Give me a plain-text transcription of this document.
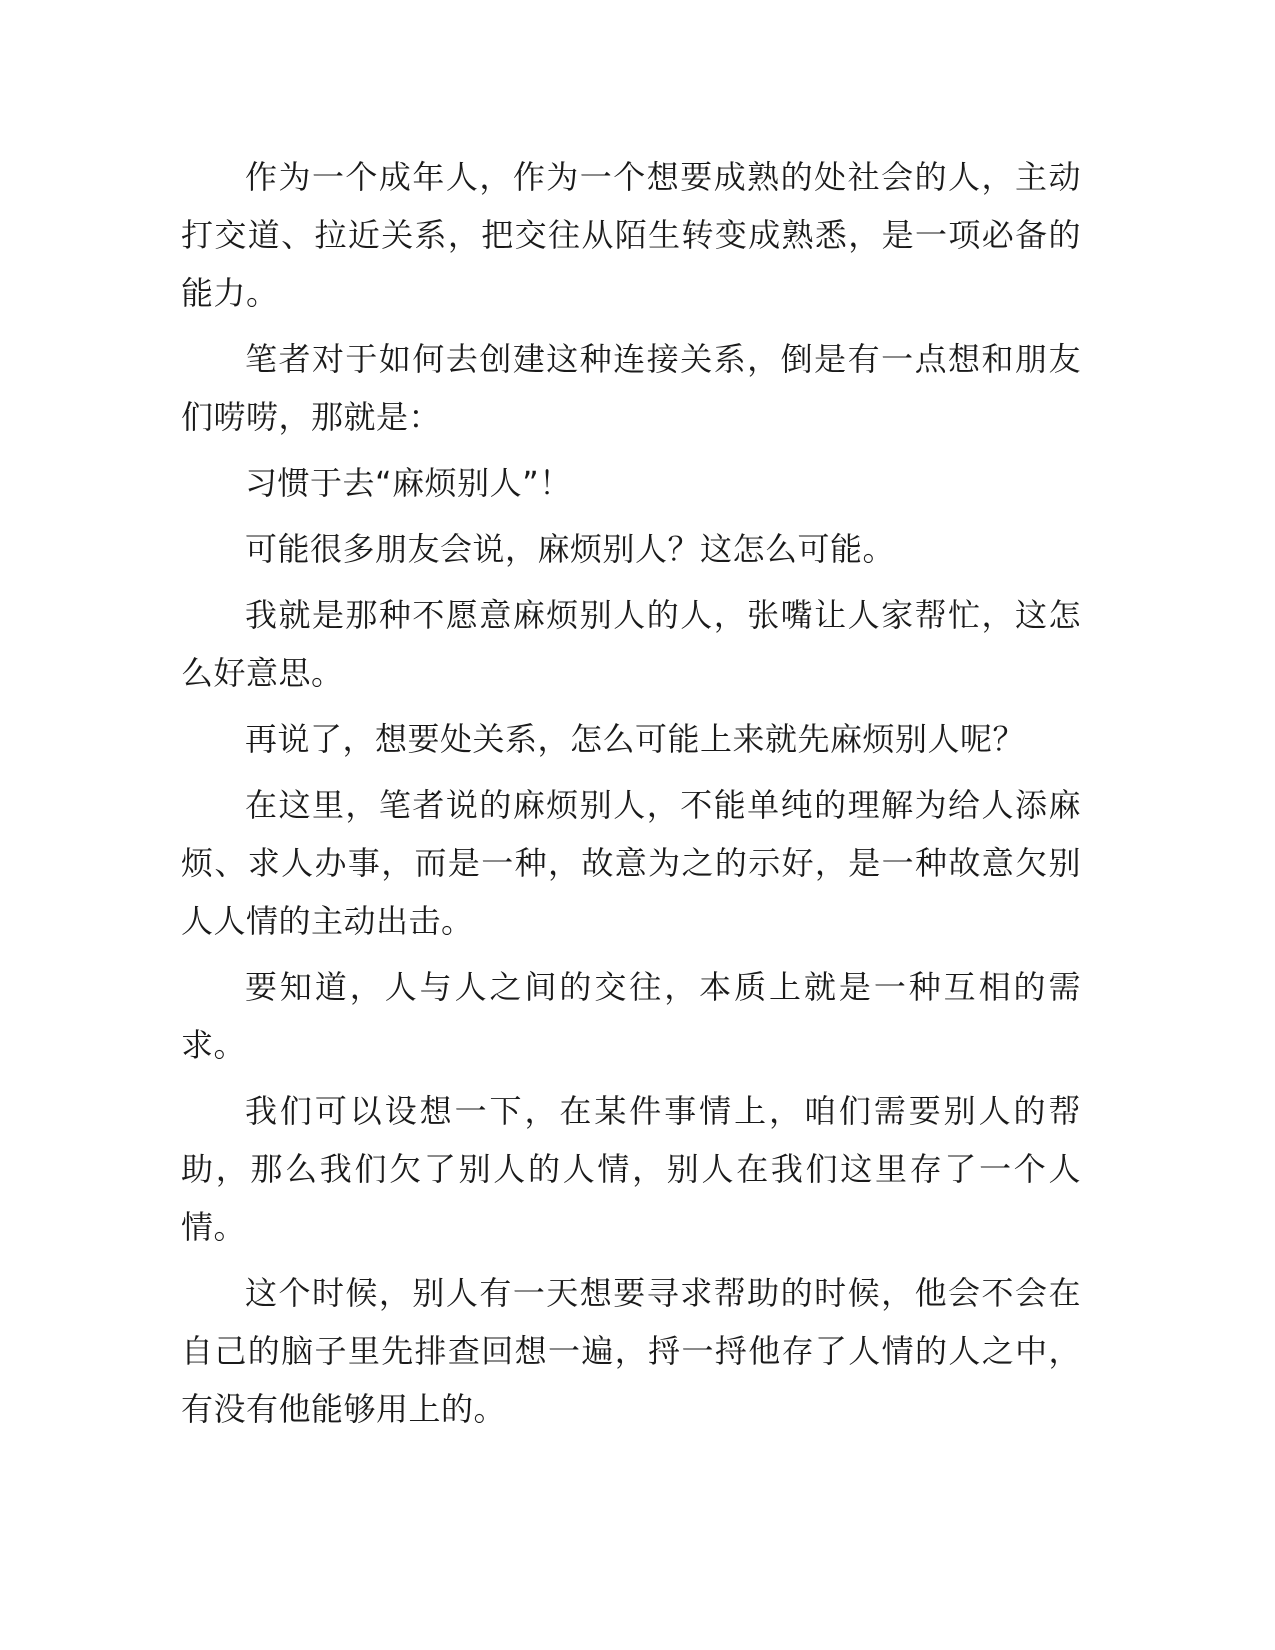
作为一个成年人，作为一个想要成熟的处社会的人，主动打交道、拉近关系，把交往从陌生转变成熟悉，是一项必备的能力。

笔者对于如何去创建这种连接关系，倒是有一点想和朋友们唠唠，那就是：

习惯于去“麻烦别人”！

可能很多朋友会说，麻烦别人？这怎么可能。

我就是那种不愿意麻烦别人的人，张嘴让人家帮忙，这怎么好意思。

再说了，想要处关系，怎么可能上来就先麻烦别人呢？

在这里，笔者说的麻烦别人，不能单纯的理解为给人添麻烦、求人办事，而是一种，故意为之的示好，是一种故意欠别人人情的主动出击。

要知道，人与人之间的交往，本质上就是一种互相的需求。

我们可以设想一下，在某件事情上，咱们需要别人的帮助，那么我们欠了别人的人情，别人在我们这里存了一个人情。

这个时候，别人有一天想要寻求帮助的时候，他会不会在自己的脑子里先排查回想一遍，捋一捋他存了人情的人之中，有没有他能够用上的。
